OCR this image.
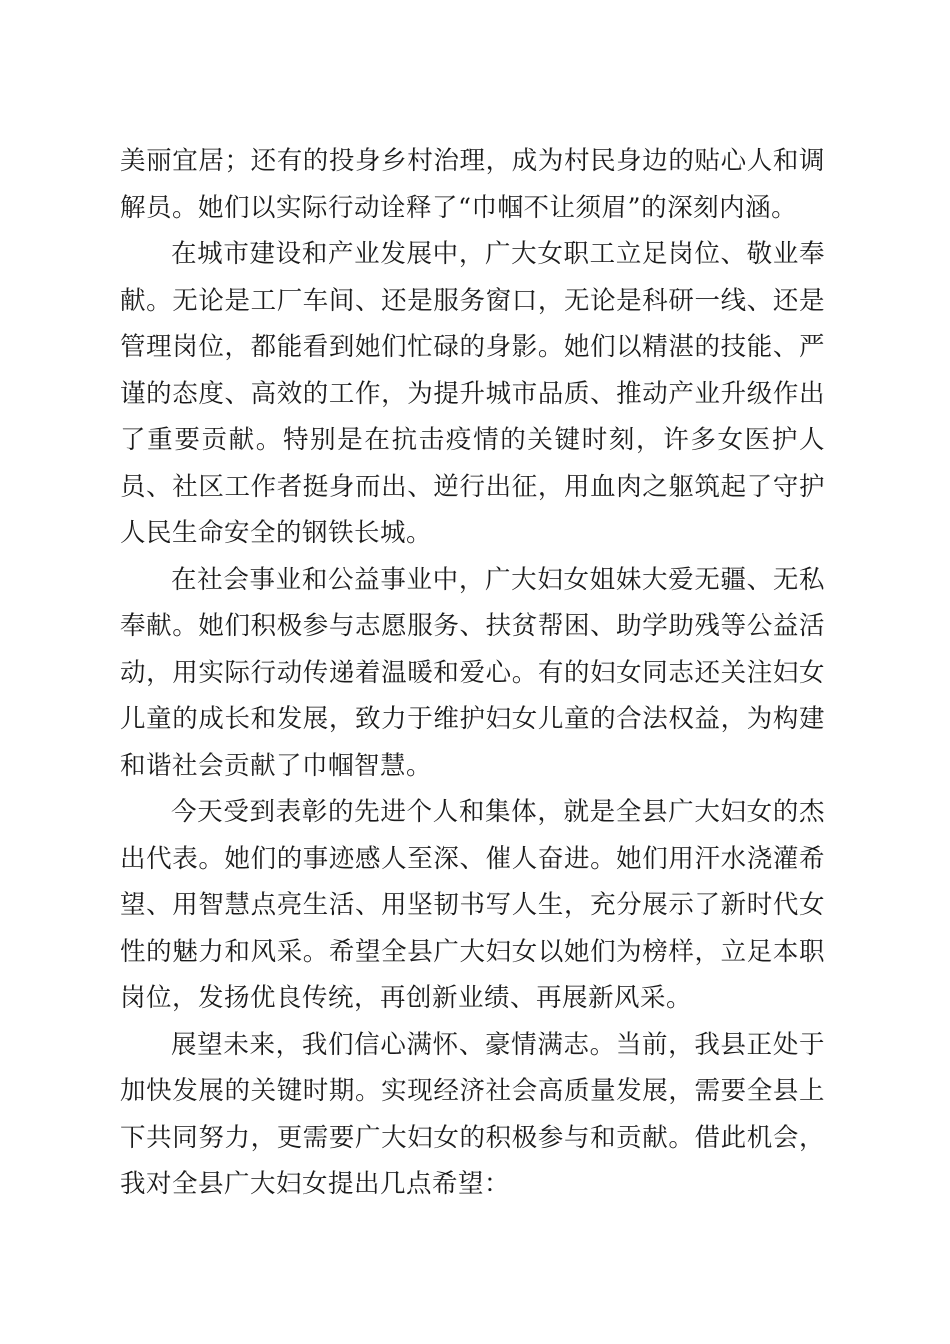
美丽宜居；还有的投身乡村治理，成为村民身边的贴心人和调解员。她们以实际行动诠释了“巾帼不让须眉”的深刻内涵。

在城市建设和产业发展中，广大女职工立足岗位、敬业奉献。无论是工厂车间、还是服务窗口，无论是科研一线、还是管理岗位，都能看到她们忙碌的身影。她们以精湛的技能、严谨的态度、高效的工作，为提升城市品质、推动产业升级作出了重要贡献。特别是在抗击疫情的关键时刻，许多女医护人员、社区工作者挺身而出、逆行出征，用血肉之躯筑起了守护人民生命安全的钢铁长城。

在社会事业和公益事业中，广大妇女姐妹大爱无疆、无私奉献。她们积极参与志愿服务、扶贫帮困、助学助残等公益活动，用实际行动传递着温暖和爱心。有的妇女同志还关注妇女儿童的成长和发展，致力于维护妇女儿童的合法权益，为构建和谐社会贡献了巾帼智慧。

今天受到表彰的先进个人和集体，就是全县广大妇女的杰出代表。她们的事迹感人至深、催人奋进。她们用汗水浇灌希望、用智慧点亮生活、用坚韧书写人生，充分展示了新时代女性的魅力和风采。希望全县广大妇女以她们为榜样，立足本职岗位，发扬优良传统，再创新业绩、再展新风采。

展望未来，我们信心满怀、豪情满志。当前，我县正处于加快发展的关键时期。实现经济社会高质量发展，需要全县上下共同努力，更需要广大妇女的积极参与和贡献。借此机会，我对全县广大妇女提出几点希望：
